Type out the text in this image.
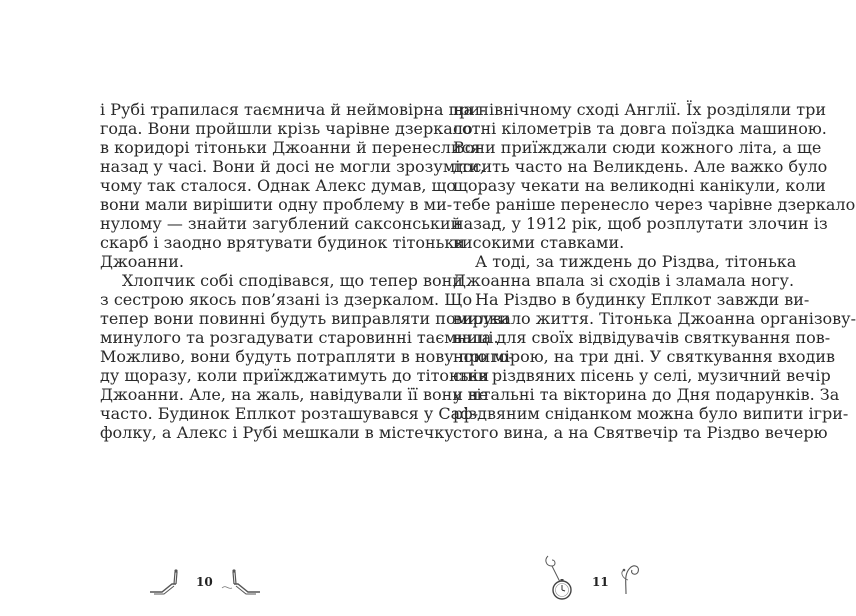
і Рубі трапилася таємнича й неймовірна при-
года. Вони пройшли крізь чарівне дзеркало
в коридорі тітоньки Джоанни й перенеслися
назад у часі. Вони й досі не могли зрозуміти,
чому так сталося. Однак Алекс думав, що
вони мали вирішити одну проблему в ми-
нулому — знайти загублений саксонський
скарб і заодно врятувати будинок тітоньки
Джоанни.
Хлопчик собі сподівався, що тепер вони
з сестрою якось пов’язані із дзеркалом. Що
тепер вони повинні будуть виправляти помилки
минулого та розгадувати старовинні таємниці.
Можливо, вони будуть потрапляти в нову приго-
ду щоразу, коли приїжджатимуть до тітоньки
Джоанни. Але, на жаль, навідували її вони не
часто. Будинок Еплкот розташувався у Саф-
фолку, а Алекс і Рубі мешкали в містечку
на північному сході Англії. Їх розділяли три
сотні кілометрів та довга поїздка машиною.
Вони приїжджали сюди кожного літа, а ще
досить часто на Великдень. Але важко було
щоразу чекати на великодні канікули, коли
тебе раніше перенесло через чарівне дзеркало
назад, у 1912 рік, щоб розплутати злочин із
високими ставками.
А тоді, за тиждень до Різдва, тітонька
Джоанна впала зі сходів і зламала ногу.
На Різдво в будинку Еплкот завжди ви-
вирувало життя. Тітонька Джоанна організову-
вала для своїх відвідувачів святкування пов-
ною мірою, на три дні. У святкування входив
спів різдвяних пісень у селі, музичний вечір
у вітальні та вікторина до Дня подарунків. За
різдвяним сніданком можна було випити ігри-
стого вина, а на Святвечір та Різдво вечерю
10	11
